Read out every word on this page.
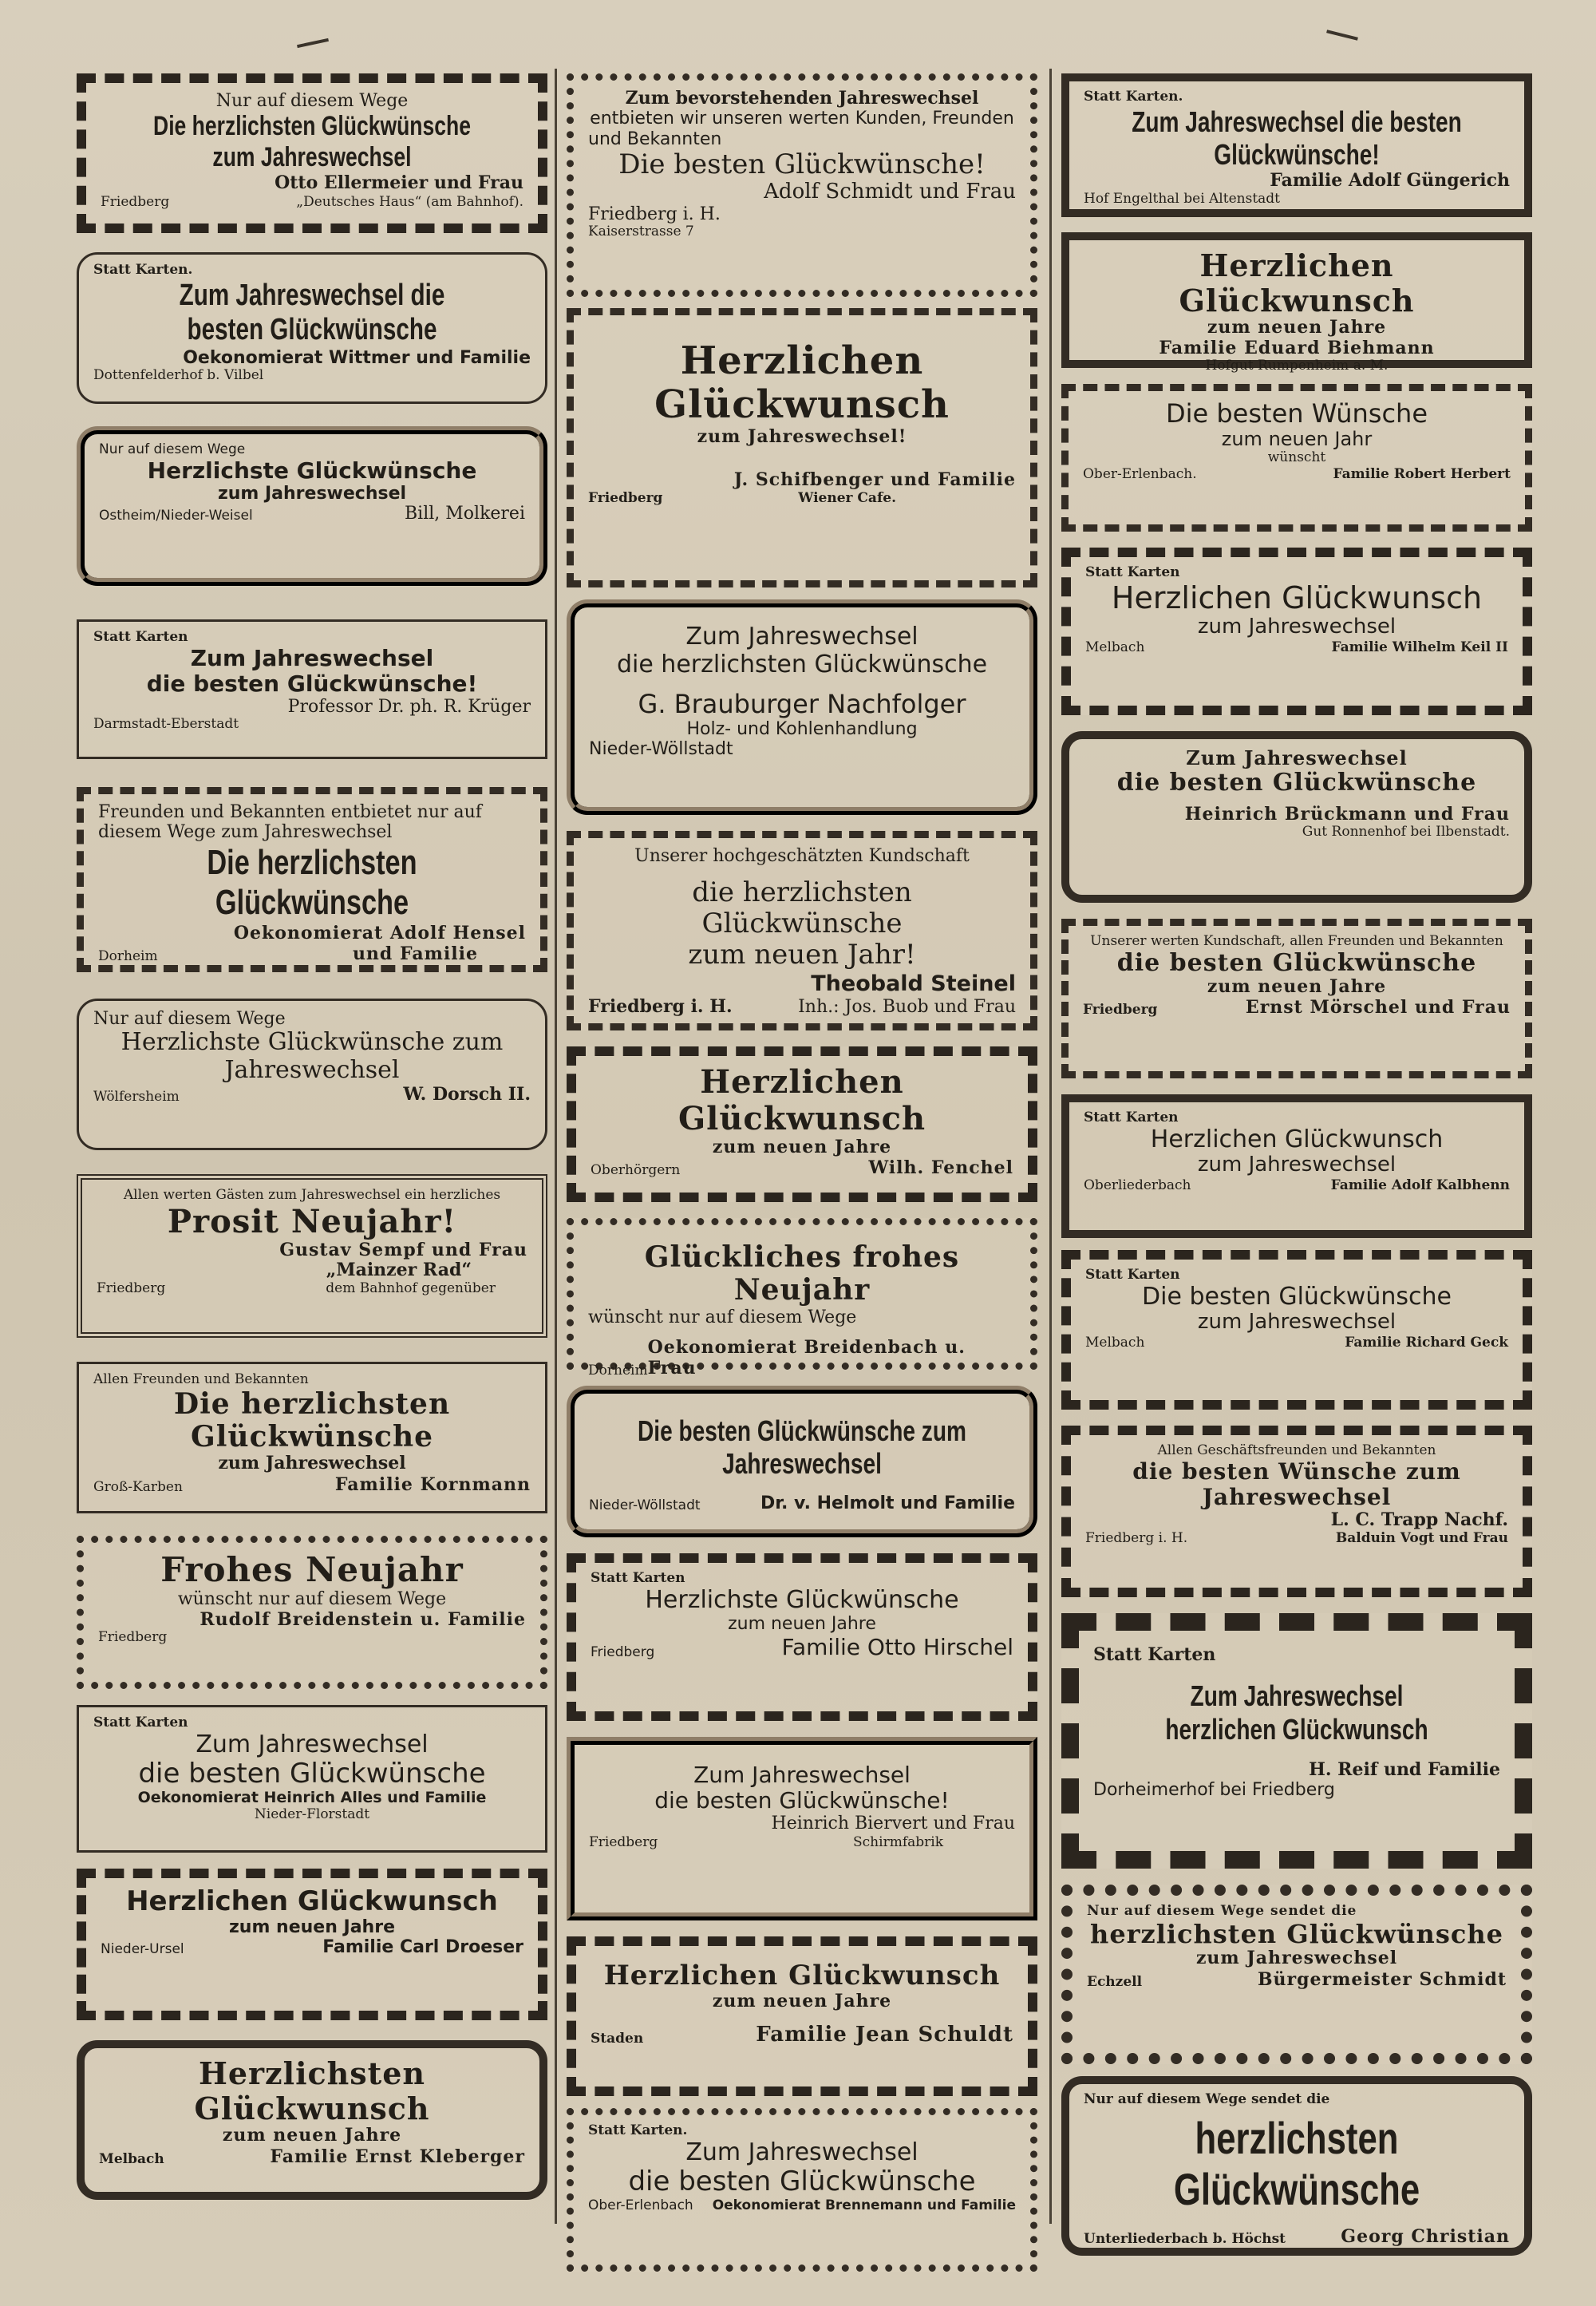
Nur auf diesem Wege
Die herzlichsten Glückwünsche zum Jahreswechsel
Otto Ellermeier und Frau
Friedberg	„Deutsches Haus“ (am Bahnhof).
Statt Karten.
Zum Jahreswechsel die besten Glückwünsche
Oekonomierat Wittmer und Familie
Dottenfelderhof b. Vilbel
Nur auf diesem Wege
Herzlichste Glückwünsche
zum Jahreswechsel
Ostheim/Nieder-Weisel	Bill, Molkerei
Statt Karten
Zum Jahreswechsel
die besten Glückwünsche!
Professor Dr. ph. R. Krüger
Darmstadt-Eberstadt
Freunden und Bekannten entbietet nur auf
diesem Wege zum Jahreswechsel
Die herzlichsten Glückwünsche
Oekonomierat Adolf Hensel
Dorheim	und Familie
Nur auf diesem Wege
Herzlichste Glückwünsche zum Jahreswechsel
Wölfersheim	W. Dorsch II.
Allen werten Gästen zum Jahreswechsel ein herzliches
Prosit Neujahr!
Gustav Sempf und Frau
„Mainzer Rad“
Friedberg	dem Bahnhof gegenüber
Allen Freunden und Bekannten
Die herzlichsten Glückwünsche
zum Jahreswechsel
Groß-Karben	Familie Kornmann
Frohes Neujahr
wünscht nur auf diesem Wege
Rudolf Breidenstein u. Familie
Friedberg
Statt Karten
Zum Jahreswechsel
die besten Glückwünsche
Oekonomierat Heinrich Alles und Familie
Nieder-Florstadt
Herzlichen Glückwunsch
zum neuen Jahre
Nieder-Ursel	Familie Carl Droeser
Herzlichsten Glückwunsch
zum neuen Jahre
Melbach	Familie Ernst Kleberger
Zum bevorstehenden Jahreswechsel
entbieten wir unseren werten Kunden, Freunden
und Bekannten
Die besten Glückwünsche!
Adolf Schmidt und Frau
Friedberg i. H.
Kaiserstrasse 7
Herzlichen Glückwunsch
zum Jahreswechsel!
J. Schifbenger und Familie
Friedberg	Wiener Cafe.
Zum Jahreswechsel
die herzlichsten Glückwünsche
G. Brauburger Nachfolger
Holz- und Kohlenhandlung
Nieder-Wöllstadt
Unserer hochgeschätzten Kundschaft
die herzlichsten Glückwünsche
zum neuen Jahr!
Theobald Steinel
Friedberg i. H.	Inh.: Jos. Buob und Frau
Herzlichen Glückwunsch
zum neuen Jahre
Oberhörgern	Wilh. Fenchel
Glückliches frohes Neujahr
wünscht nur auf diesem Wege
Dorheim
Oekonomierat Breidenbach u. Frau
Die besten Glückwünsche zum Jahreswechsel
Nieder-Wöllstadt	Dr. v. Helmolt und Familie
Statt Karten
Herzlichste Glückwünsche
zum neuen Jahre
Friedberg	Familie Otto Hirschel
Zum Jahreswechsel
die besten Glückwünsche!
Heinrich Biervert und Frau
Friedberg	Schirmfabrik
Herzlichen Glückwunsch
zum neuen Jahre
Staden	Familie Jean Schuldt
Statt Karten.
Zum Jahreswechsel
die besten Glückwünsche
Ober-Erlenbach Oekonomierat Brennemann und Familie
Statt Karten.
Zum Jahreswechsel die besten Glückwünsche!
Familie Adolf Güngerich
Hof Engelthal bei Altenstadt
Herzlichen Glückwunsch
zum neuen Jahre
Familie Eduard Biehmann
Hofgut Rumpenheim a. M.
Die besten Wünsche
zum neuen Jahr
wünscht
Ober-Erlenbach.	Familie Robert Herbert
Statt Karten
Herzlichen Glückwunsch
zum Jahreswechsel
Melbach	Familie Wilhelm Keil II
Zum Jahreswechsel
die besten Glückwünsche
Heinrich Brückmann und Frau
Gut Ronnenhof bei Ilbenstadt.
Unserer werten Kundschaft, allen Freunden und Bekannten
die besten Glückwünsche
zum neuen Jahre
Friedberg	Ernst Mörschel und Frau
Statt Karten
Herzlichen Glückwunsch
zum Jahreswechsel
Oberliederbach	Familie Adolf Kalbhenn
Statt Karten
Die besten Glückwünsche
zum Jahreswechsel
Melbach	Familie Richard Geck
Allen Geschäftsfreunden und Bekannten
die besten Wünsche zum Jahreswechsel
L. C. Trapp Nachf.
Friedberg i. H.	Balduin Vogt und Frau
Statt Karten
Zum Jahreswechsel herzlichen Glückwunsch
H. Reif und Familie
Dorheimerhof bei Friedberg
Nur auf diesem Wege sendet die
herzlichsten Glückwünsche
zum Jahreswechsel
Echzell	Bürgermeister Schmidt
Nur auf diesem Wege sendet die
herzlichsten Glückwünsche
Unterliederbach b. Höchst	Georg Christian
